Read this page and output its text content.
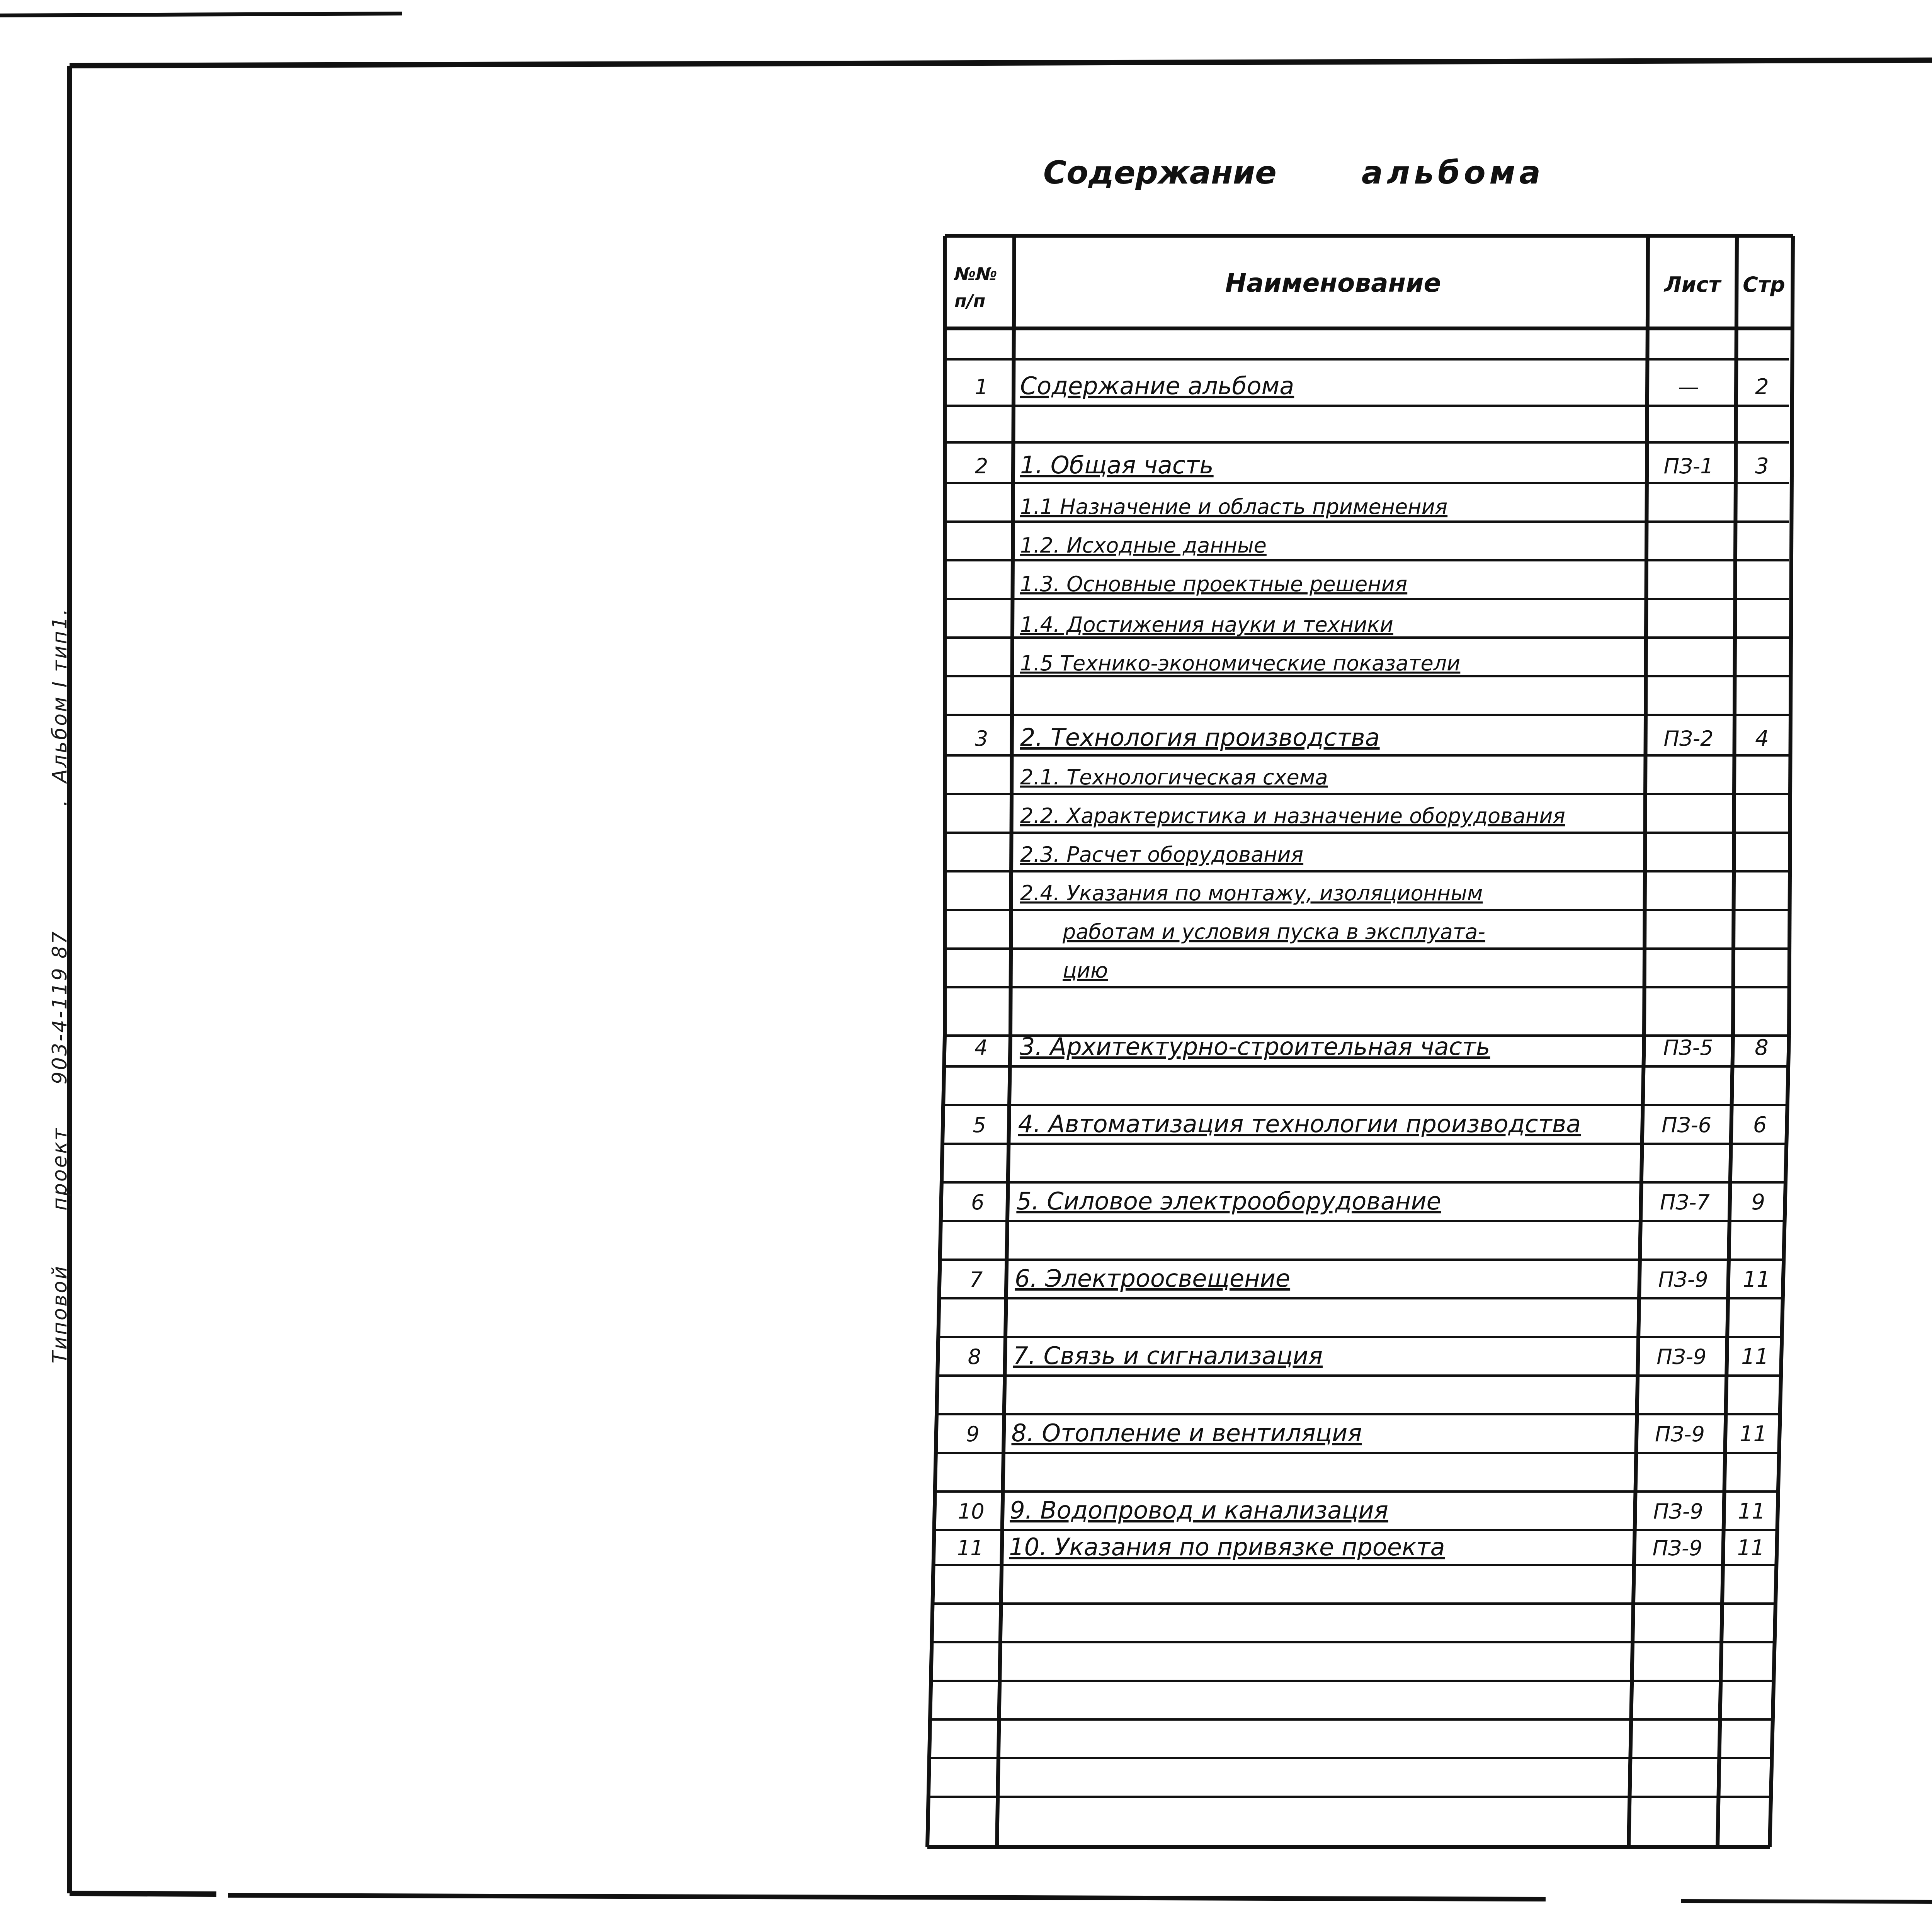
Типовойпроект903-4-119 87.Альбом I тип1.
Содержание	альбома
№№ п/п
Наименование	Лист Стр
1 Содержание альбома	—	2
2 1. Общая часть	ПЗ-1 3
1.1 Назначение и область применения
1.2. Исходные данные
1.3. Основные проектные решения
1.4. Достижения науки и техники
1.5 Технико-экономические показатели
3 2. Технология производства	ПЗ-2 4
2.1. Технологическая схема
2.2. Характеристика и назначение оборудования
2.3. Расчет оборудования
2.4. Указания по монтажу, изоляционным
работам и условия пуска в эксплуата-
цию
4 3. Архитектурно-строительная часть	ПЗ-5 8
5 4. Автоматизация технологии производства	ПЗ-6 6
6 5. Силовое электрооборудование	ПЗ-7 9
7 6. Электроосвещение	ПЗ-9 11
8 7. Связь и сигнализация	ПЗ-9 11
9 8. Отопление и вентиляция	ПЗ-9 11
10 9. Водопровод и канализация	ПЗ-9 11
11 10. Указания по привязке проекта	ПЗ-9 11
